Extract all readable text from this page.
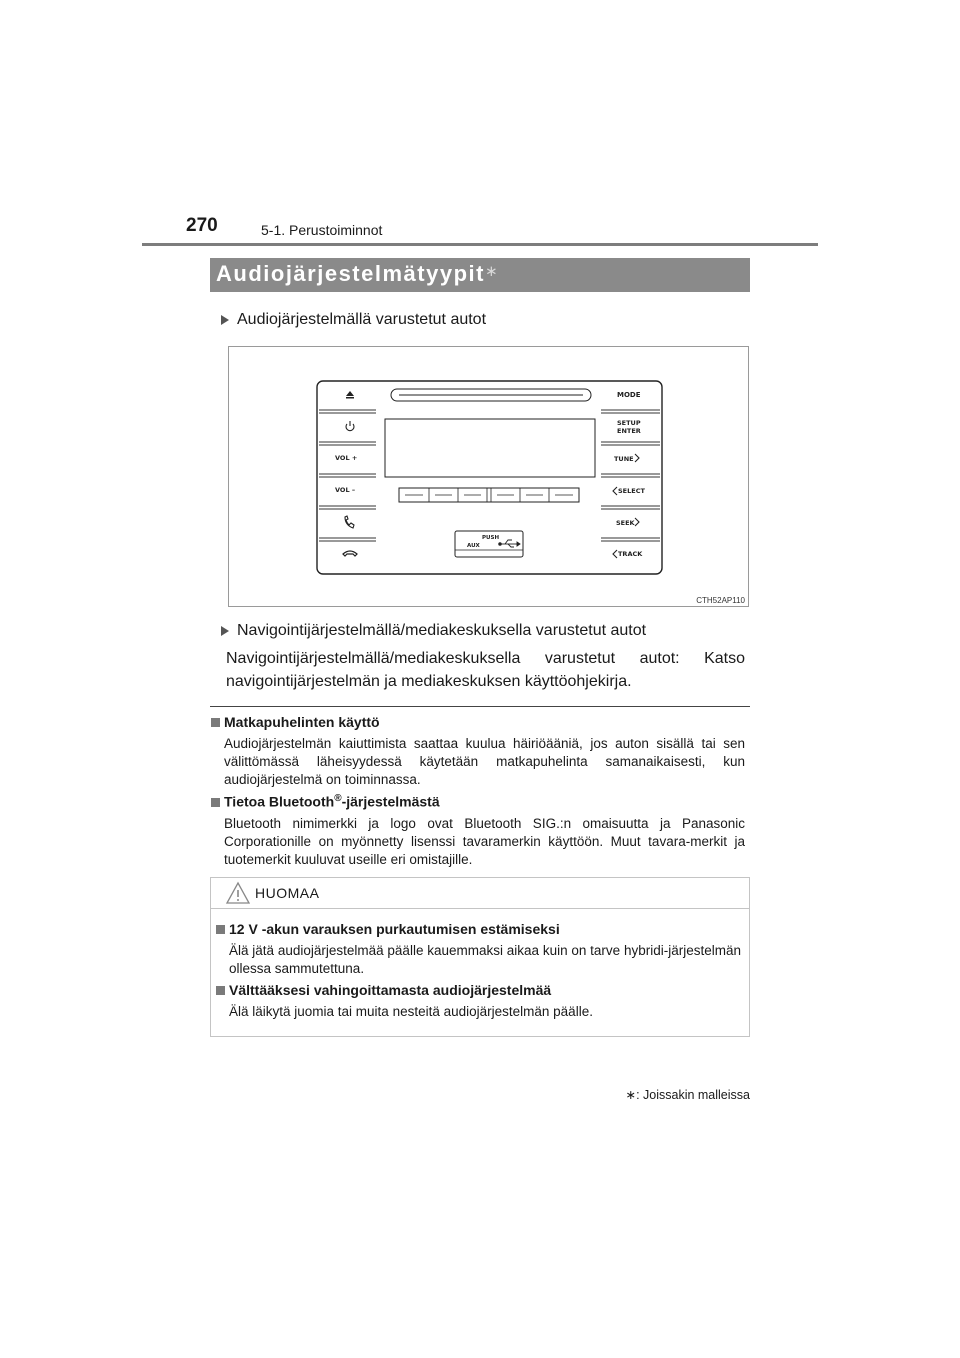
270	5-1. Perustoiminnot
Audiojärjestelmätyypit ∗
Audiojärjestelmällä varustetut autot
PUSH
AUX
VOL +
VOL –
MODE
SETUP
ENTER
TUNE
SELECT
SEEK
TRACK
CTH52AP110
Navigointijärjestelmällä/mediakeskuksella varustetut autot
Navigointijärjestelmällä/mediakeskuksella varustetut autot: Katso navigointijärjestelmän ja mediakeskuksen käyttöohjekirja.
Matkapuhelinten käyttö
Audiojärjestelmän kaiuttimista saattaa kuulua häiriöääniä, jos auton sisällä tai sen välittömässä läheisyydessä käytetään matkapuhelinta samanaikaisesti, kun audiojärjestelmä on toiminnassa.
Tietoa Bluetooth®-järjestelmästä
Bluetooth nimimerkki ja logo ovat Bluetooth SIG.:n omaisuutta ja Panasonic Corporationille on myönnetty lisenssi tavaramerkin käyttöön. Muut tavara-merkit ja tuotemerkit kuuluvat useille eri omistajille.
HUOMAA
12 V -akun varauksen purkautumisen estämiseksi
Älä jätä audiojärjestelmää päälle kauemmaksi aikaa kuin on tarve hybridi-järjestelmän ollessa sammutettuna.
Välttääksesi vahingoittamasta audiojärjestelmää
Älä läikytä juomia tai muita nesteitä audiojärjestelmän päälle.
∗: Joissakin malleissa
